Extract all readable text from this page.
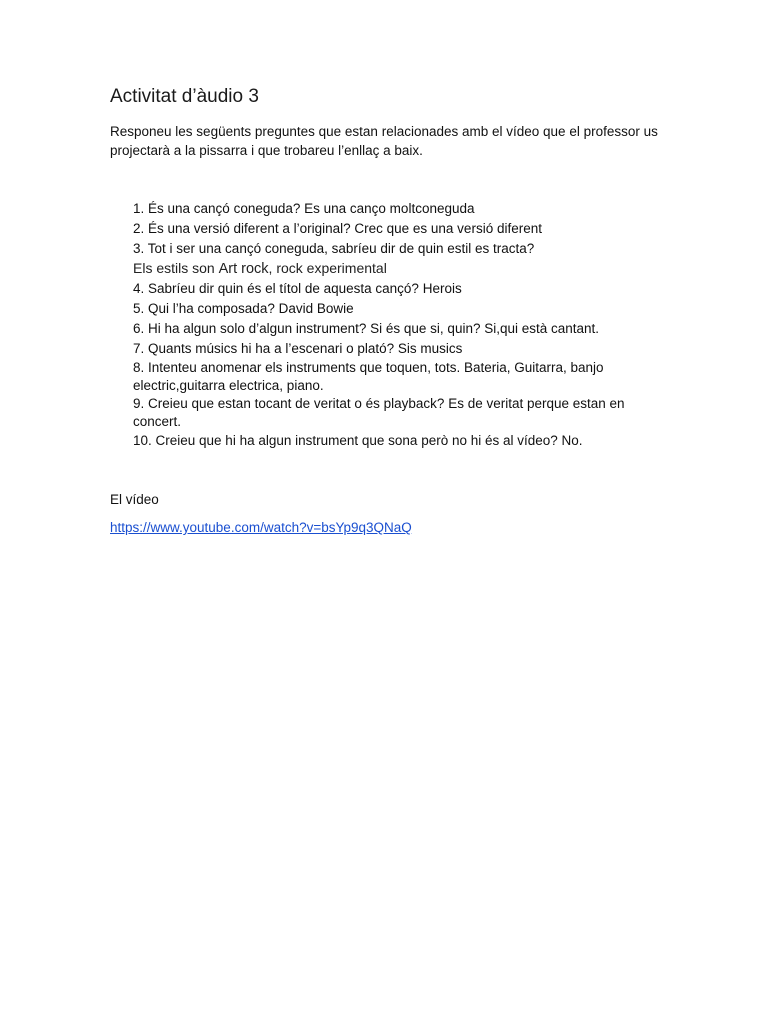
Activitat d’àudio 3
Responeu les següents preguntes que estan relacionades amb el vídeo que el professor us projectarà a la pissarra i que trobareu l’enllaç a baix.
1. És una cançó coneguda? Es una canço moltconeguda
2. És una versió diferent a l’original? Crec que es una versió diferent
3. Tot i ser una cançó coneguda, sabríeu dir de quin estil es tracta?
Els estils son Art rock, rock experimental
4. Sabríeu dir quin és el títol de aquesta cançó? Herois
5. Qui l’ha composada? David Bowie
6. Hi ha algun solo d’algun instrument? Si és que si, quin? Si,qui està cantant.
7. Quants músics hi ha a l’escenari o plató? Sis musics
8. Intenteu anomenar els instruments que toquen, tots. Bateria, Guitarra, banjo electric,guitarra electrica, piano.
9. Creieu que estan tocant de veritat o és playback? Es de veritat perque estan en concert.
10. Creieu que hi ha algun instrument que sona però no hi és al vídeo? No.
El vídeo
https://www.youtube.com/watch?v=bsYp9q3QNaQ
